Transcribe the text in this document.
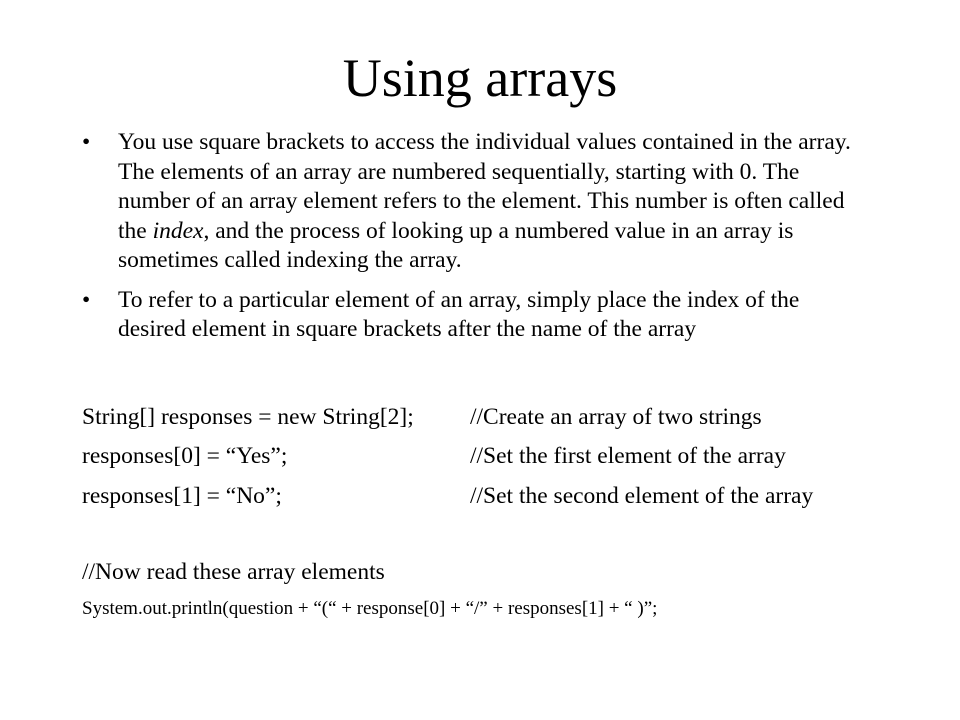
Using arrays
• You use square brackets to access the individual values contained in the array. The elements of an array are numbered sequentially, starting with 0. The number of an array element refers to the element. This number is often called the index, and the process of looking up a numbered value in an array is sometimes called indexing the array.
• To refer to a particular element of an array, simply place the index of the desired element in square brackets after the name of the array
String[] responses = new String[2]; //Create an array of two strings
responses[0] = “Yes”;	//Set the first element of the array
responses[1] = “No”;	//Set the second element of the array
//Now read these array elements
System.out.println(question + “(“ + response[0] + “/” + responses[1] + “ )”;
